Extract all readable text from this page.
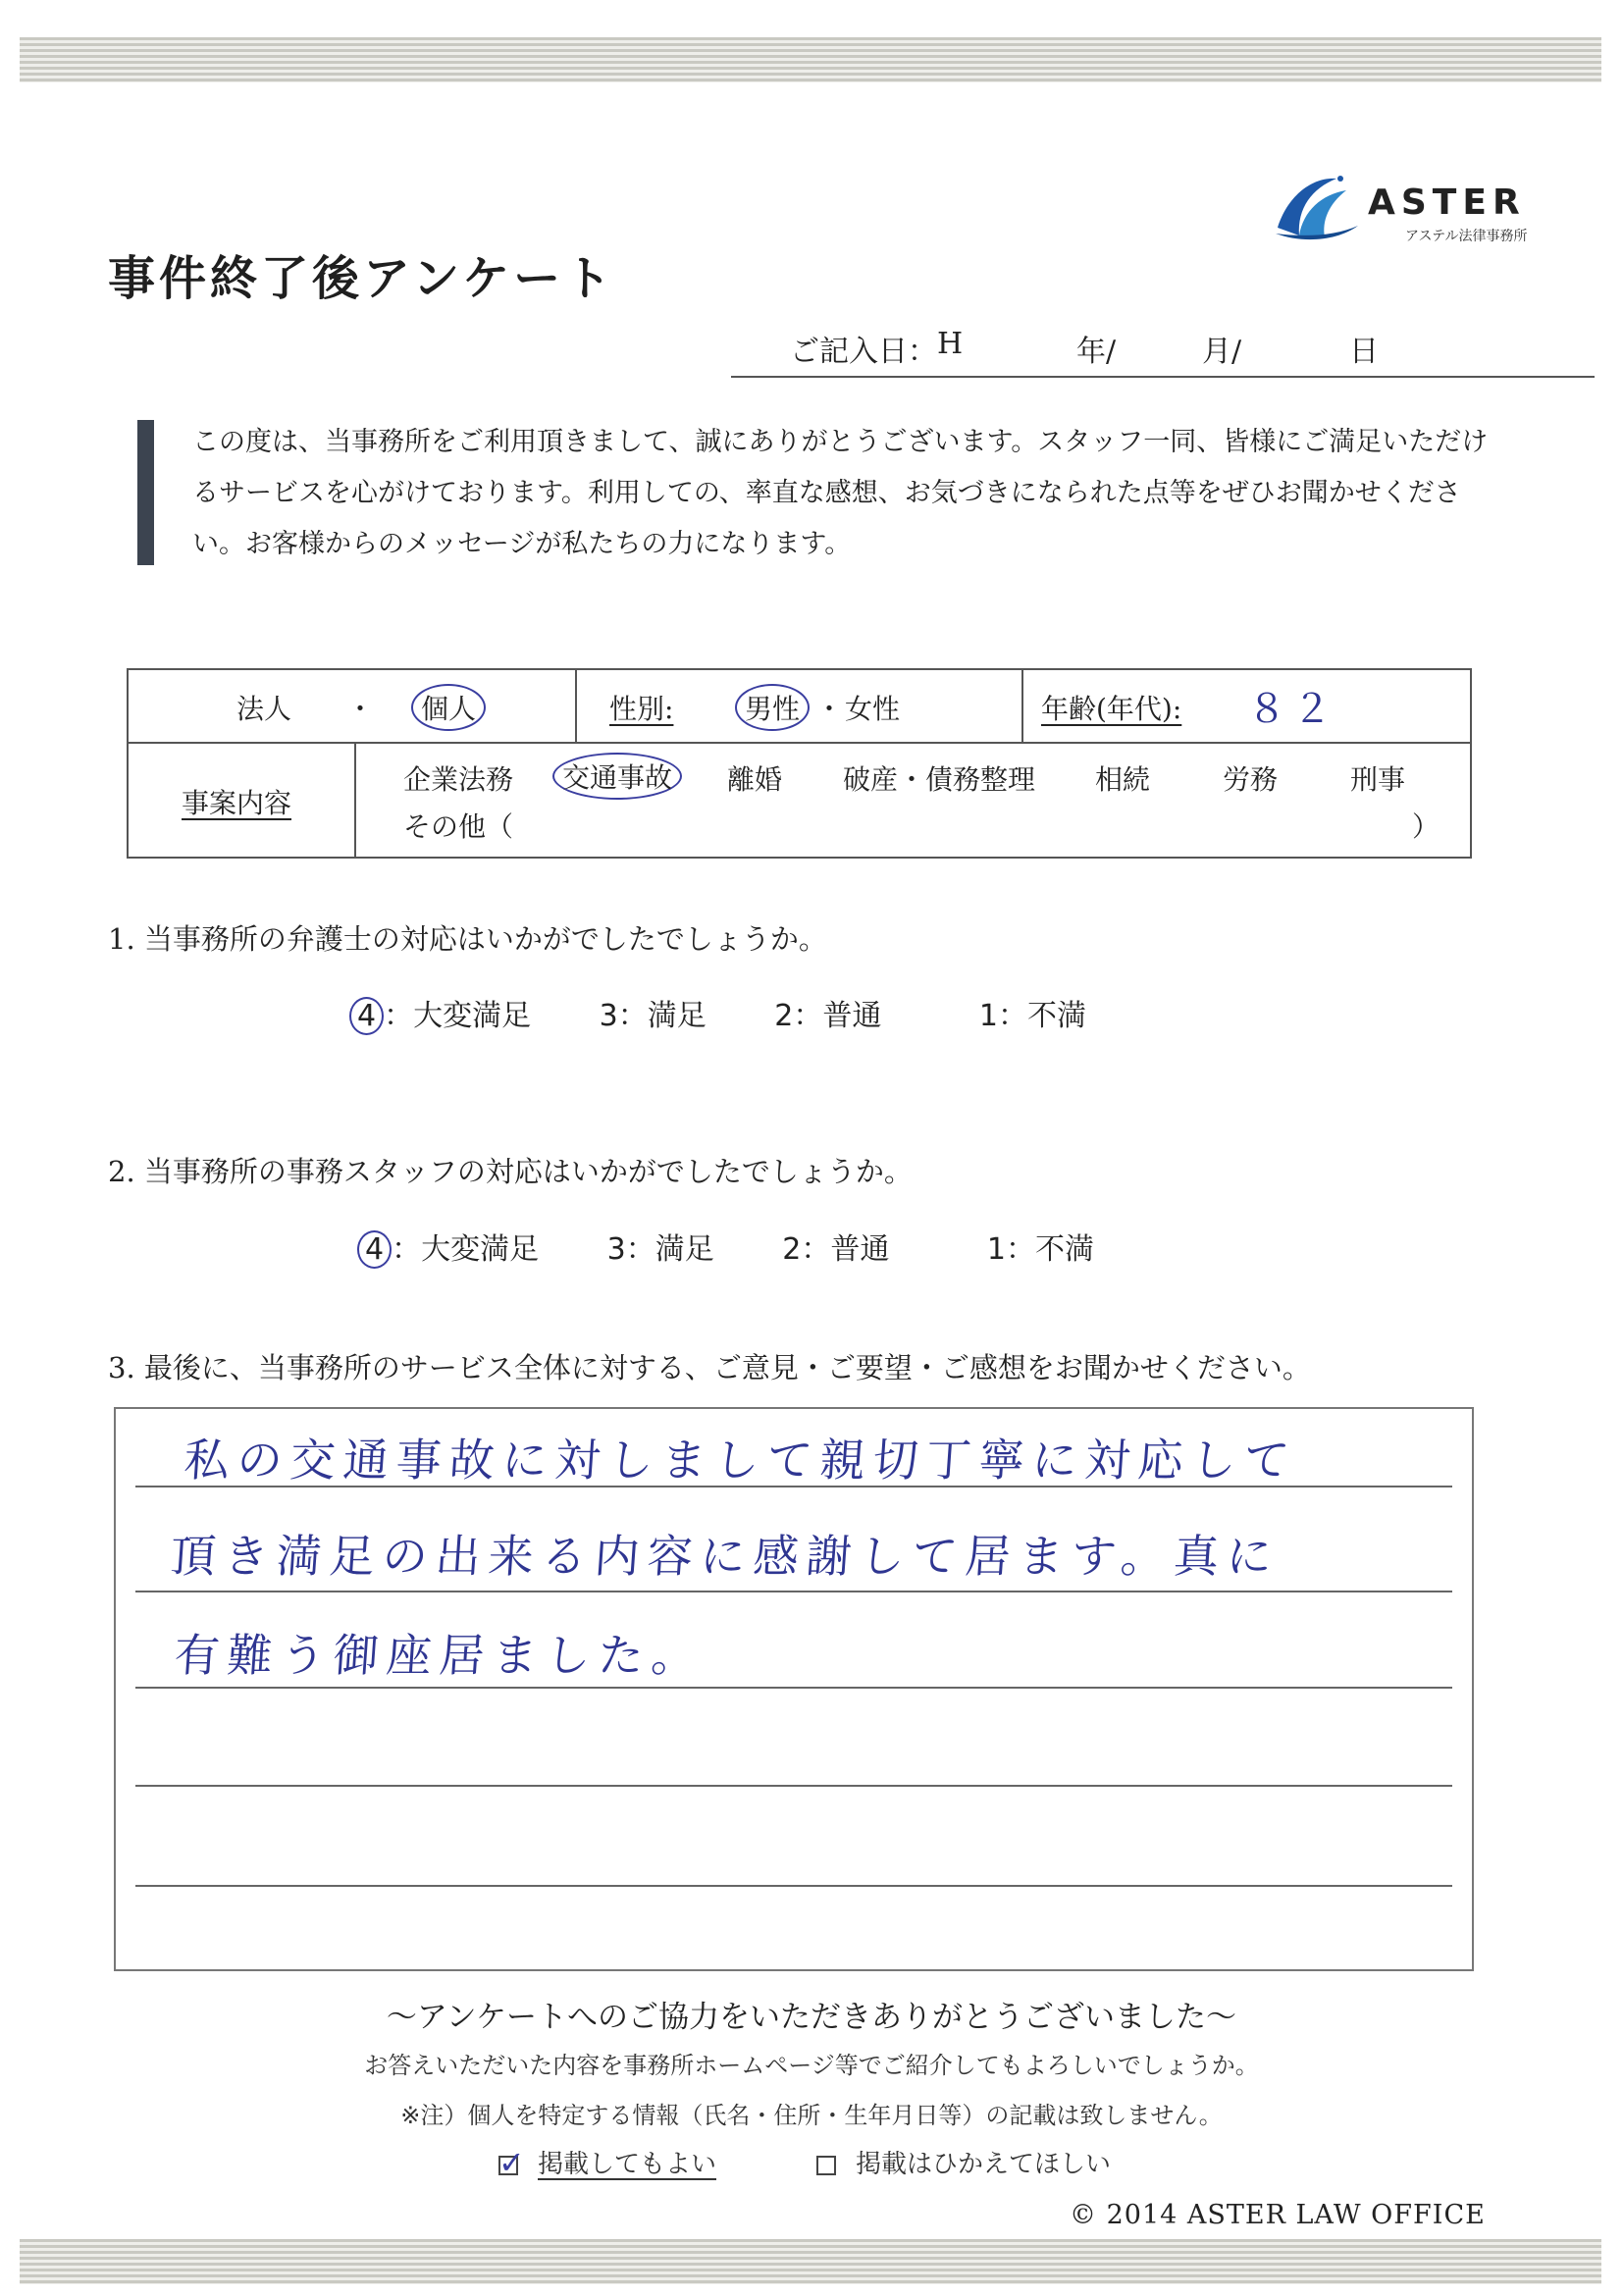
ASTER
アステル法律事務所
事件終了後アンケート
ご記入日： H	年/	月/	日
この度は、当事務所をご利用頂きまして、誠にありがとうございます。スタッフ一同、皆様にご満足いただけるサービスを心がけております。利用しての、率直な感想、お気づきになられた点等をぜひお聞かせください。お客様からのメッセージが私たちの力になります。
法人 ・	個人	性別:	男性 ・ 女性	年齢(年代): ８２
事案内容
企業法務	交通事故	離婚 破産・債務整理 相続	労務	刑事
その他（	）
1. 当事務所の弁護士の対応はいかがでしたでしょうか。
4 ：大変満足 3：満足 2：普通	1：不満
2. 当事務所の事務スタッフの対応はいかがでしたでしょうか。
4 ：大変満足 3：満足 2：普通	1：不満
3. 最後に、当事務所のサービス全体に対する、ご意見・ご要望・ご感想をお聞かせください。
私の交通事故に対しまして親切丁寧に対応して
頂き満足の出来る内容に感謝して居ます。真に
有難う御座居ました。
〜アンケートへのご協力をいただきありがとうございました〜
お答えいただいた内容を事務所ホームページ等でご紹介してもよろしいでしょうか。
※注）個人を特定する情報（氏名・住所・生年月日等）の記載は致しません。
✓ 掲載してもよい	掲載はひかえてほしい
© 2014 ASTER LAW OFFICE
